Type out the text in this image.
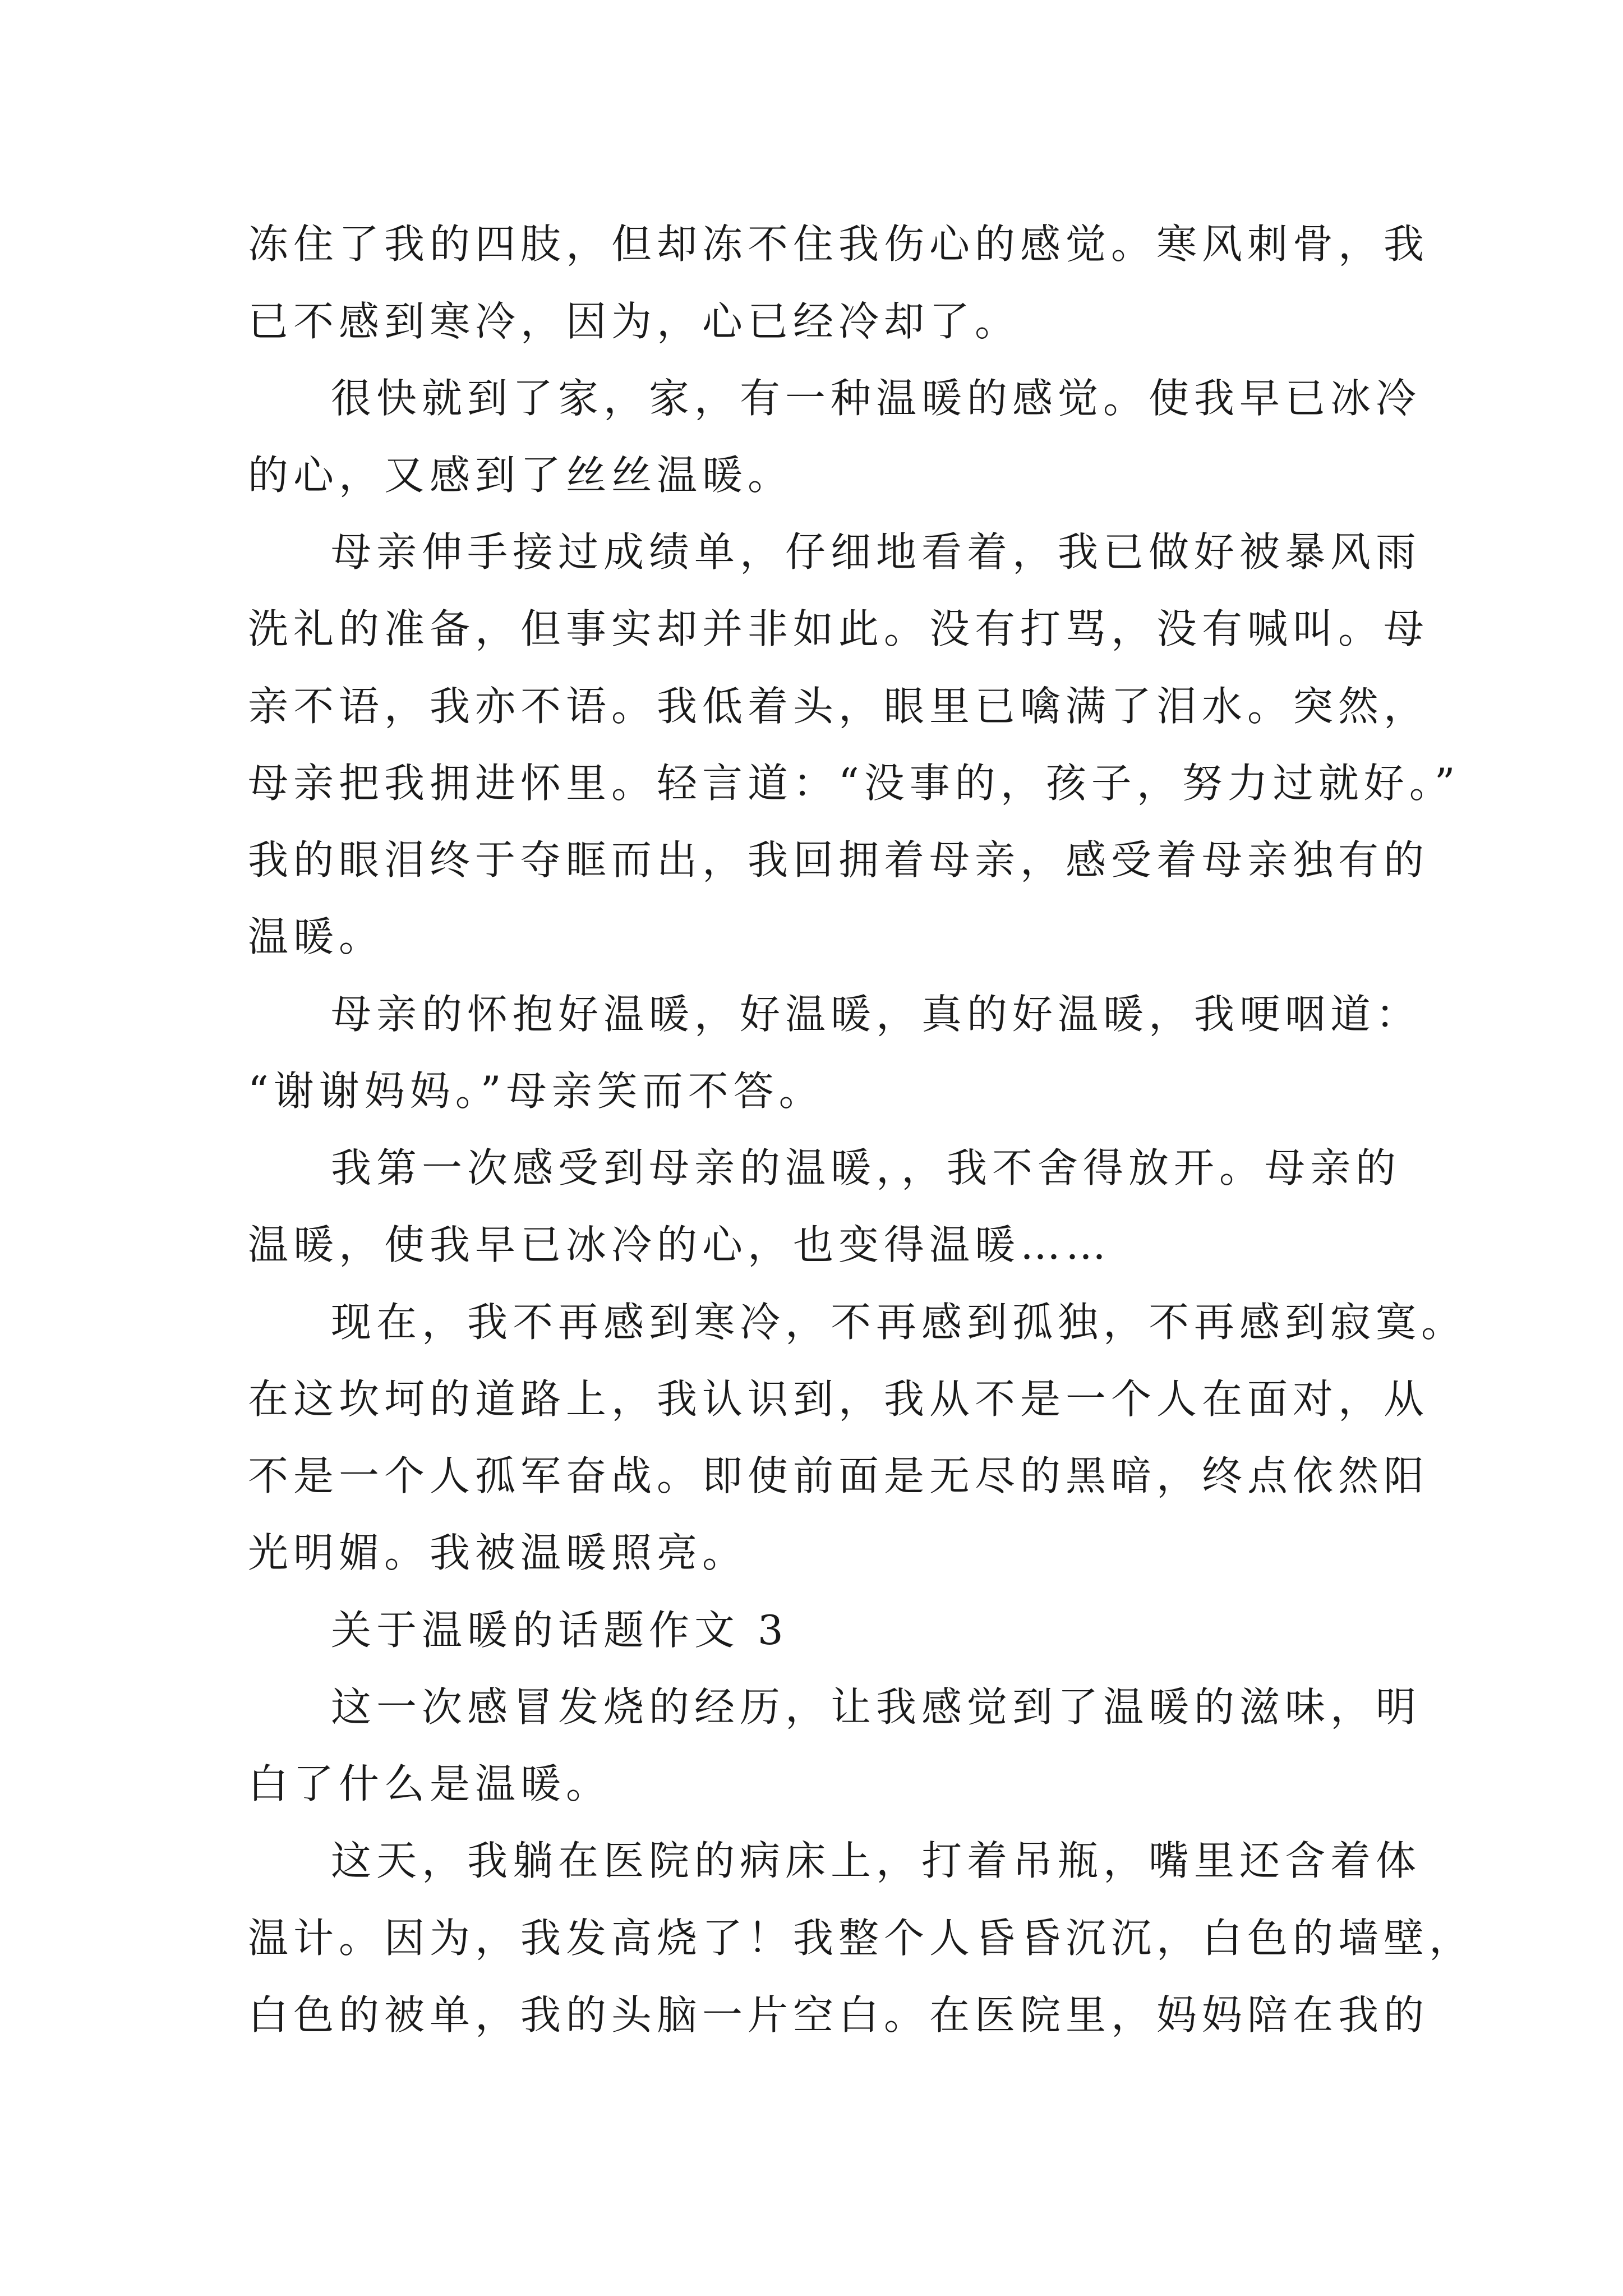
冻住了我的四肢，但却冻不住我伤心的感觉。寒风刺骨，我
已不感到寒冷，因为，心已经冷却了。
很快就到了家，家，有一种温暖的感觉。使我早已冰冷
的心，又感到了丝丝温暖。
母亲伸手接过成绩单，仔细地看着，我已做好被暴风雨
洗礼的准备，但事实却并非如此。没有打骂，没有喊叫。母
亲不语，我亦不语。我低着头，眼里已噙满了泪水。突然，
母亲把我拥进怀里。轻言道：“没事的，孩子，努力过就好。”
我的眼泪终于夺眶而出，我回拥着母亲，感受着母亲独有的
温暖。
母亲的怀抱好温暖，好温暖，真的好温暖，我哽咽道：
“谢谢妈妈。”母亲笑而不答。
我第一次感受到母亲的温暖，，我不舍得放开。母亲的
温暖，使我早已冰冷的心，也变得温暖……
现在，我不再感到寒冷，不再感到孤独，不再感到寂寞。
在这坎坷的道路上，我认识到，我从不是一个人在面对，从
不是一个人孤军奋战。即使前面是无尽的黑暗，终点依然阳
光明媚。我被温暖照亮。
关于温暖的话题作文 3
这一次感冒发烧的经历，让我感觉到了温暖的滋味，明
白了什么是温暖。
这天，我躺在医院的病床上，打着吊瓶，嘴里还含着体
温计。因为，我发高烧了！我整个人昏昏沉沉，白色的墙壁，
白色的被单，我的头脑一片空白。在医院里，妈妈陪在我的
